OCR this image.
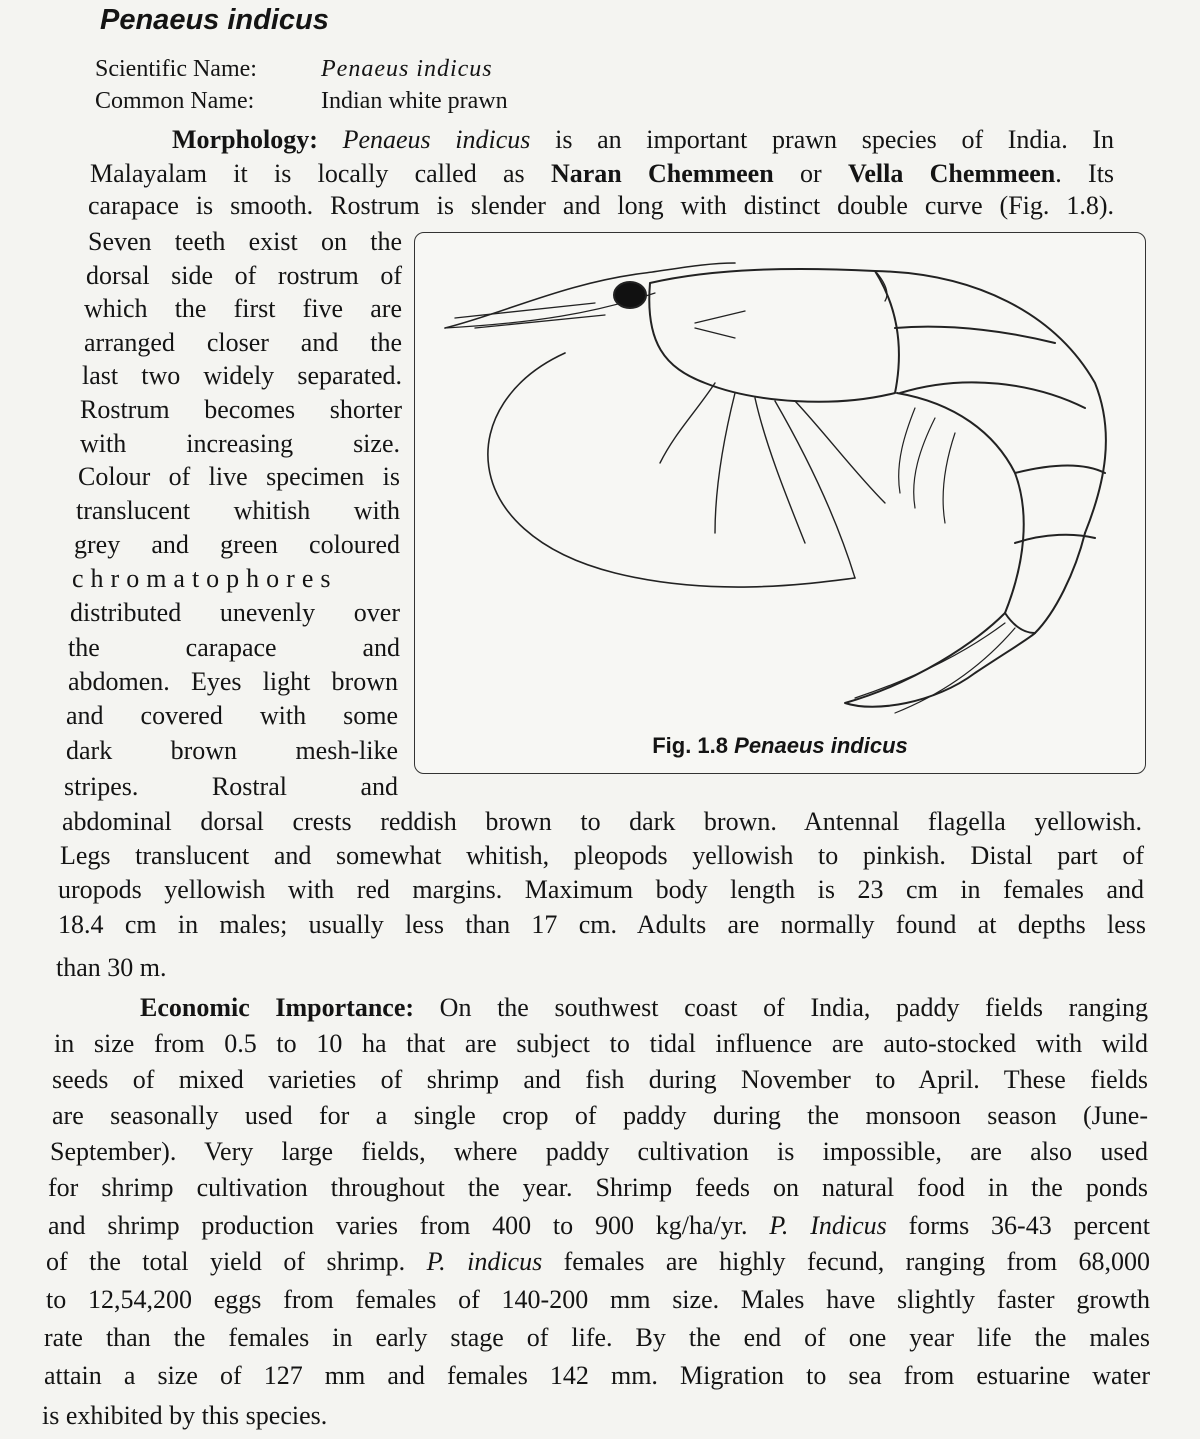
Penaeus indicus
Scientific Name:	Penaeus indicus
Common Name:	Indian white prawn
Morphology: Penaeus indicus is an important prawn species of India. In
Malayalam it is locally called as Naran Chemmeen or Vella Chemmeen. Its
carapace is smooth. Rostrum is slender and long with distinct double curve (Fig. 1.8).
Seven teeth exist on the
dorsal side of rostrum of
which the first five are
arranged closer and the
last two widely separated.
Rostrum becomes shorter
with increasing size.
Colour of live specimen is
translucent whitish with
grey and green coloured
chromatophores
distributed unevenly over
the carapace and
abdomen. Eyes light brown
and covered with some
dark brown mesh-like
stripes. Rostral and
Fig. 1.8 Penaeus indicus
abdominal dorsal crests reddish brown to dark brown. Antennal flagella yellowish.
Legs translucent and somewhat whitish, pleopods yellowish to pinkish. Distal part of
uropods yellowish with red margins. Maximum body length is 23 cm in females and
18.4 cm in males; usually less than 17 cm. Adults are normally found at depths less
than 30 m.
Economic Importance: On the southwest coast of India, paddy fields ranging
in size from 0.5 to 10 ha that are subject to tidal influence are auto-stocked with wild
seeds of mixed varieties of shrimp and fish during November to April. These fields
are seasonally used for a single crop of paddy during the monsoon season (June-
September). Very large fields, where paddy cultivation is impossible, are also used
for shrimp cultivation throughout the year. Shrimp feeds on natural food in the ponds
and shrimp production varies from 400 to 900 kg/ha/yr. P. Indicus forms 36-43 percent
of the total yield of shrimp. P. indicus females are highly fecund, ranging from 68,000
to 12,54,200 eggs from females of 140-200 mm size. Males have slightly faster growth
rate than the females in early stage of life. By the end of one year life the males
attain a size of 127 mm and females 142 mm. Migration to sea from estuarine water
is exhibited by this species.
